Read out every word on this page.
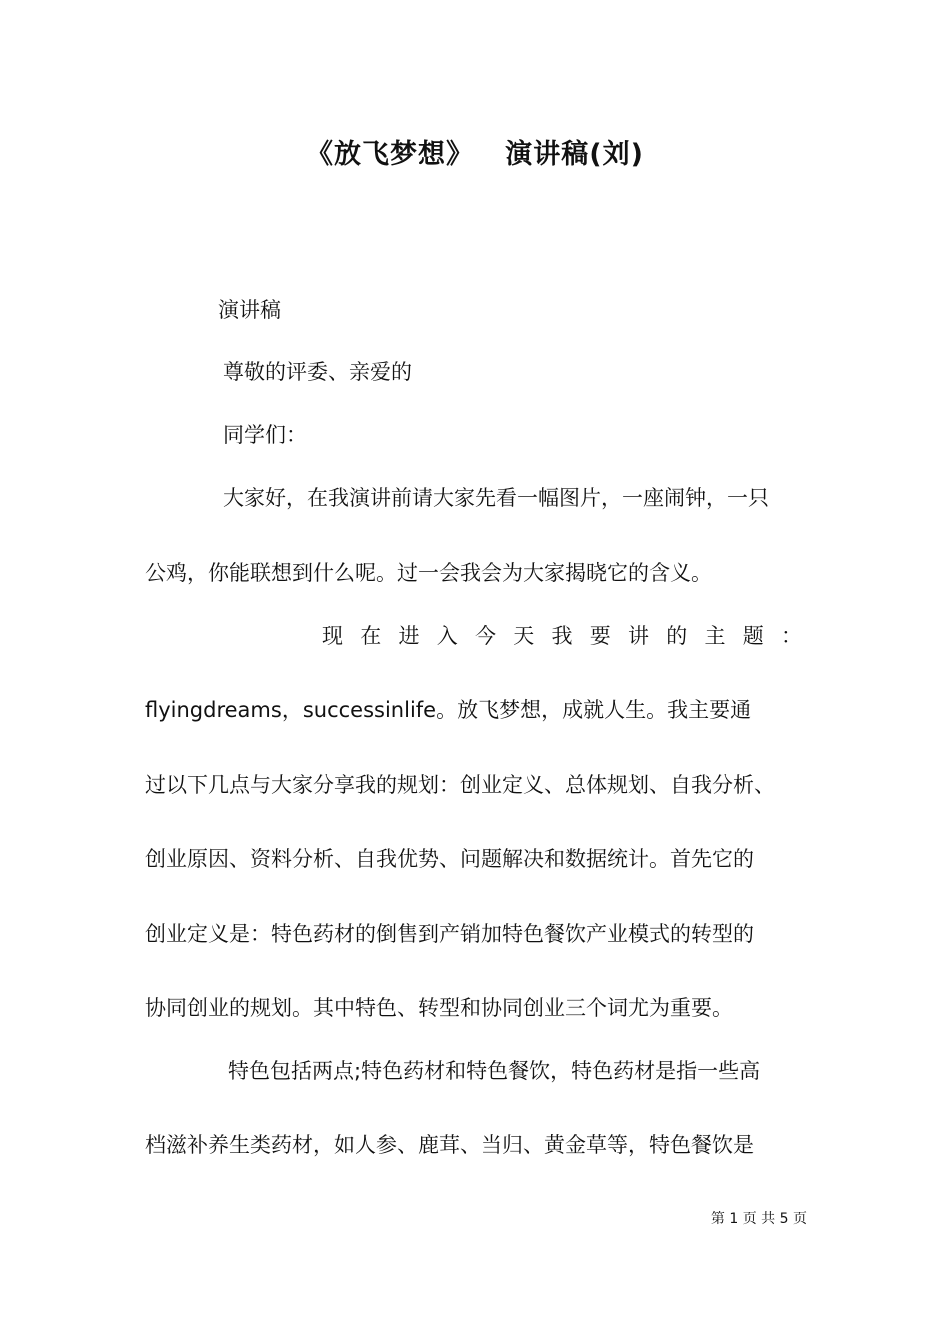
《放飞梦想》   演讲稿(刘)
演讲稿
尊敬的评委、亲爱的
同学们：
大家好，在我演讲前请大家先看一幅图片，一座闹钟，一只
公鸡，你能联想到什么呢。过一会我会为大家揭晓它的含义。
现 在 进 入 今 天 我 要 讲 的 主 题 ：
flyingdreams，successinlife。放飞梦想，成就人生。我主要通
过以下几点与大家分享我的规划：创业定义、总体规划、自我分析、
创业原因、资料分析、自我优势、问题解决和数据统计。首先它的
创业定义是：特色药材的倒售到产销加特色餐饮产业模式的转型的
协同创业的规划。其中特色、转型和协同创业三个词尤为重要。
特色包括两点;特色药材和特色餐饮，特色药材是指一些高
档滋补养生类药材，如人参、鹿茸、当归、黄金草等，特色餐饮是
第 1 页 共 5 页
